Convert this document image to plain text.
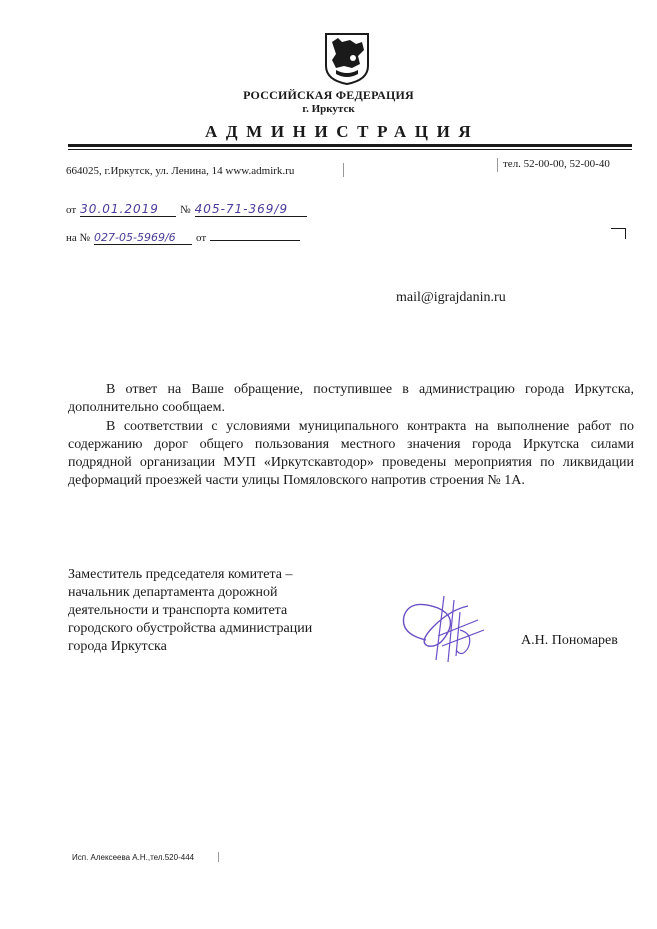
РОССИЙСКАЯ ФЕДЕРАЦИЯ
г. Иркутск
АДМИНИСТРАЦИЯ
664025, г.Иркутск, ул. Ленина, 14 www.admirk.ru
тел. 52-00-00, 52-00-40
от 30.01.2019 № 405-71-369/9
на № 027-05-5969/6 от
mail@igrajdanin.ru
В ответ на Ваше обращение, поступившее в администрацию города Иркутска, дополнительно сообщаем.
В соответствии с условиями муниципального контракта на выполнение работ по содержанию дорог общего пользования местного значения города Иркутска силами подрядной организации МУП «Иркутскавтодор» проведены мероприятия по ликвидации деформаций проезжей части улицы Помяловского напротив строения № 1А.
Заместитель председателя комитета –
начальник департамента дорожной
деятельности и транспорта комитета
городского обустройства администрации
города Иркутска	А.Н. Пономарев
Исп. Алексеева А.Н.,тел.520-444
